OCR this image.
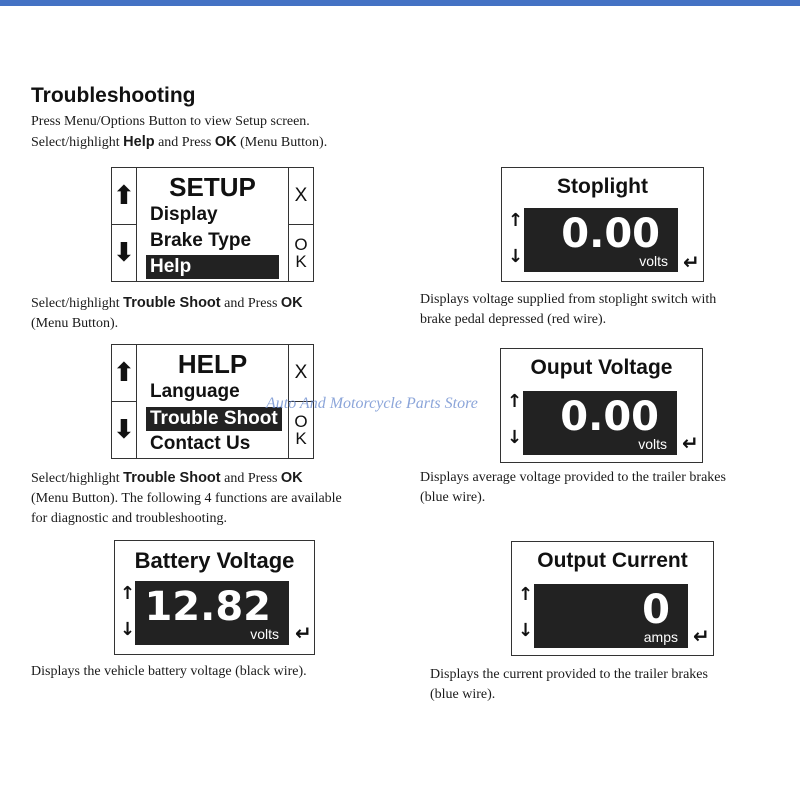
Troubleshooting
Press Menu/Options Button to view Setup screen.
Select/highlight Help and Press OK (Menu Button).
⬆
⬇
SETUP
Display
Brake Type
Help
X
O
K
Select/highlight Trouble Shoot and Press OK
(Menu Button).
⬆
⬇
HELP
Language
Trouble Shoot
Contact Us
X
O
K
Select/highlight Trouble Shoot and Press OK
(Menu Button). The following 4 functions are available
for diagnostic and troubleshooting.
Battery Voltage
↑
↓ 12.82
volts ↵
Displays the vehicle battery voltage (black wire).
Stoplight
↑
↓ 0.00
volts ↵
Displays voltage supplied from stoplight switch with
brake pedal depressed (red wire).
Ouput Voltage
↑
↓ 0.00
volts ↵
Displays average voltage provided to the trailer brakes
(blue wire).
Output Current
↑
↓	0
amps ↵
Displays the current provided to the trailer brakes
(blue wire).
Auto And Motorcycle Parts Store
